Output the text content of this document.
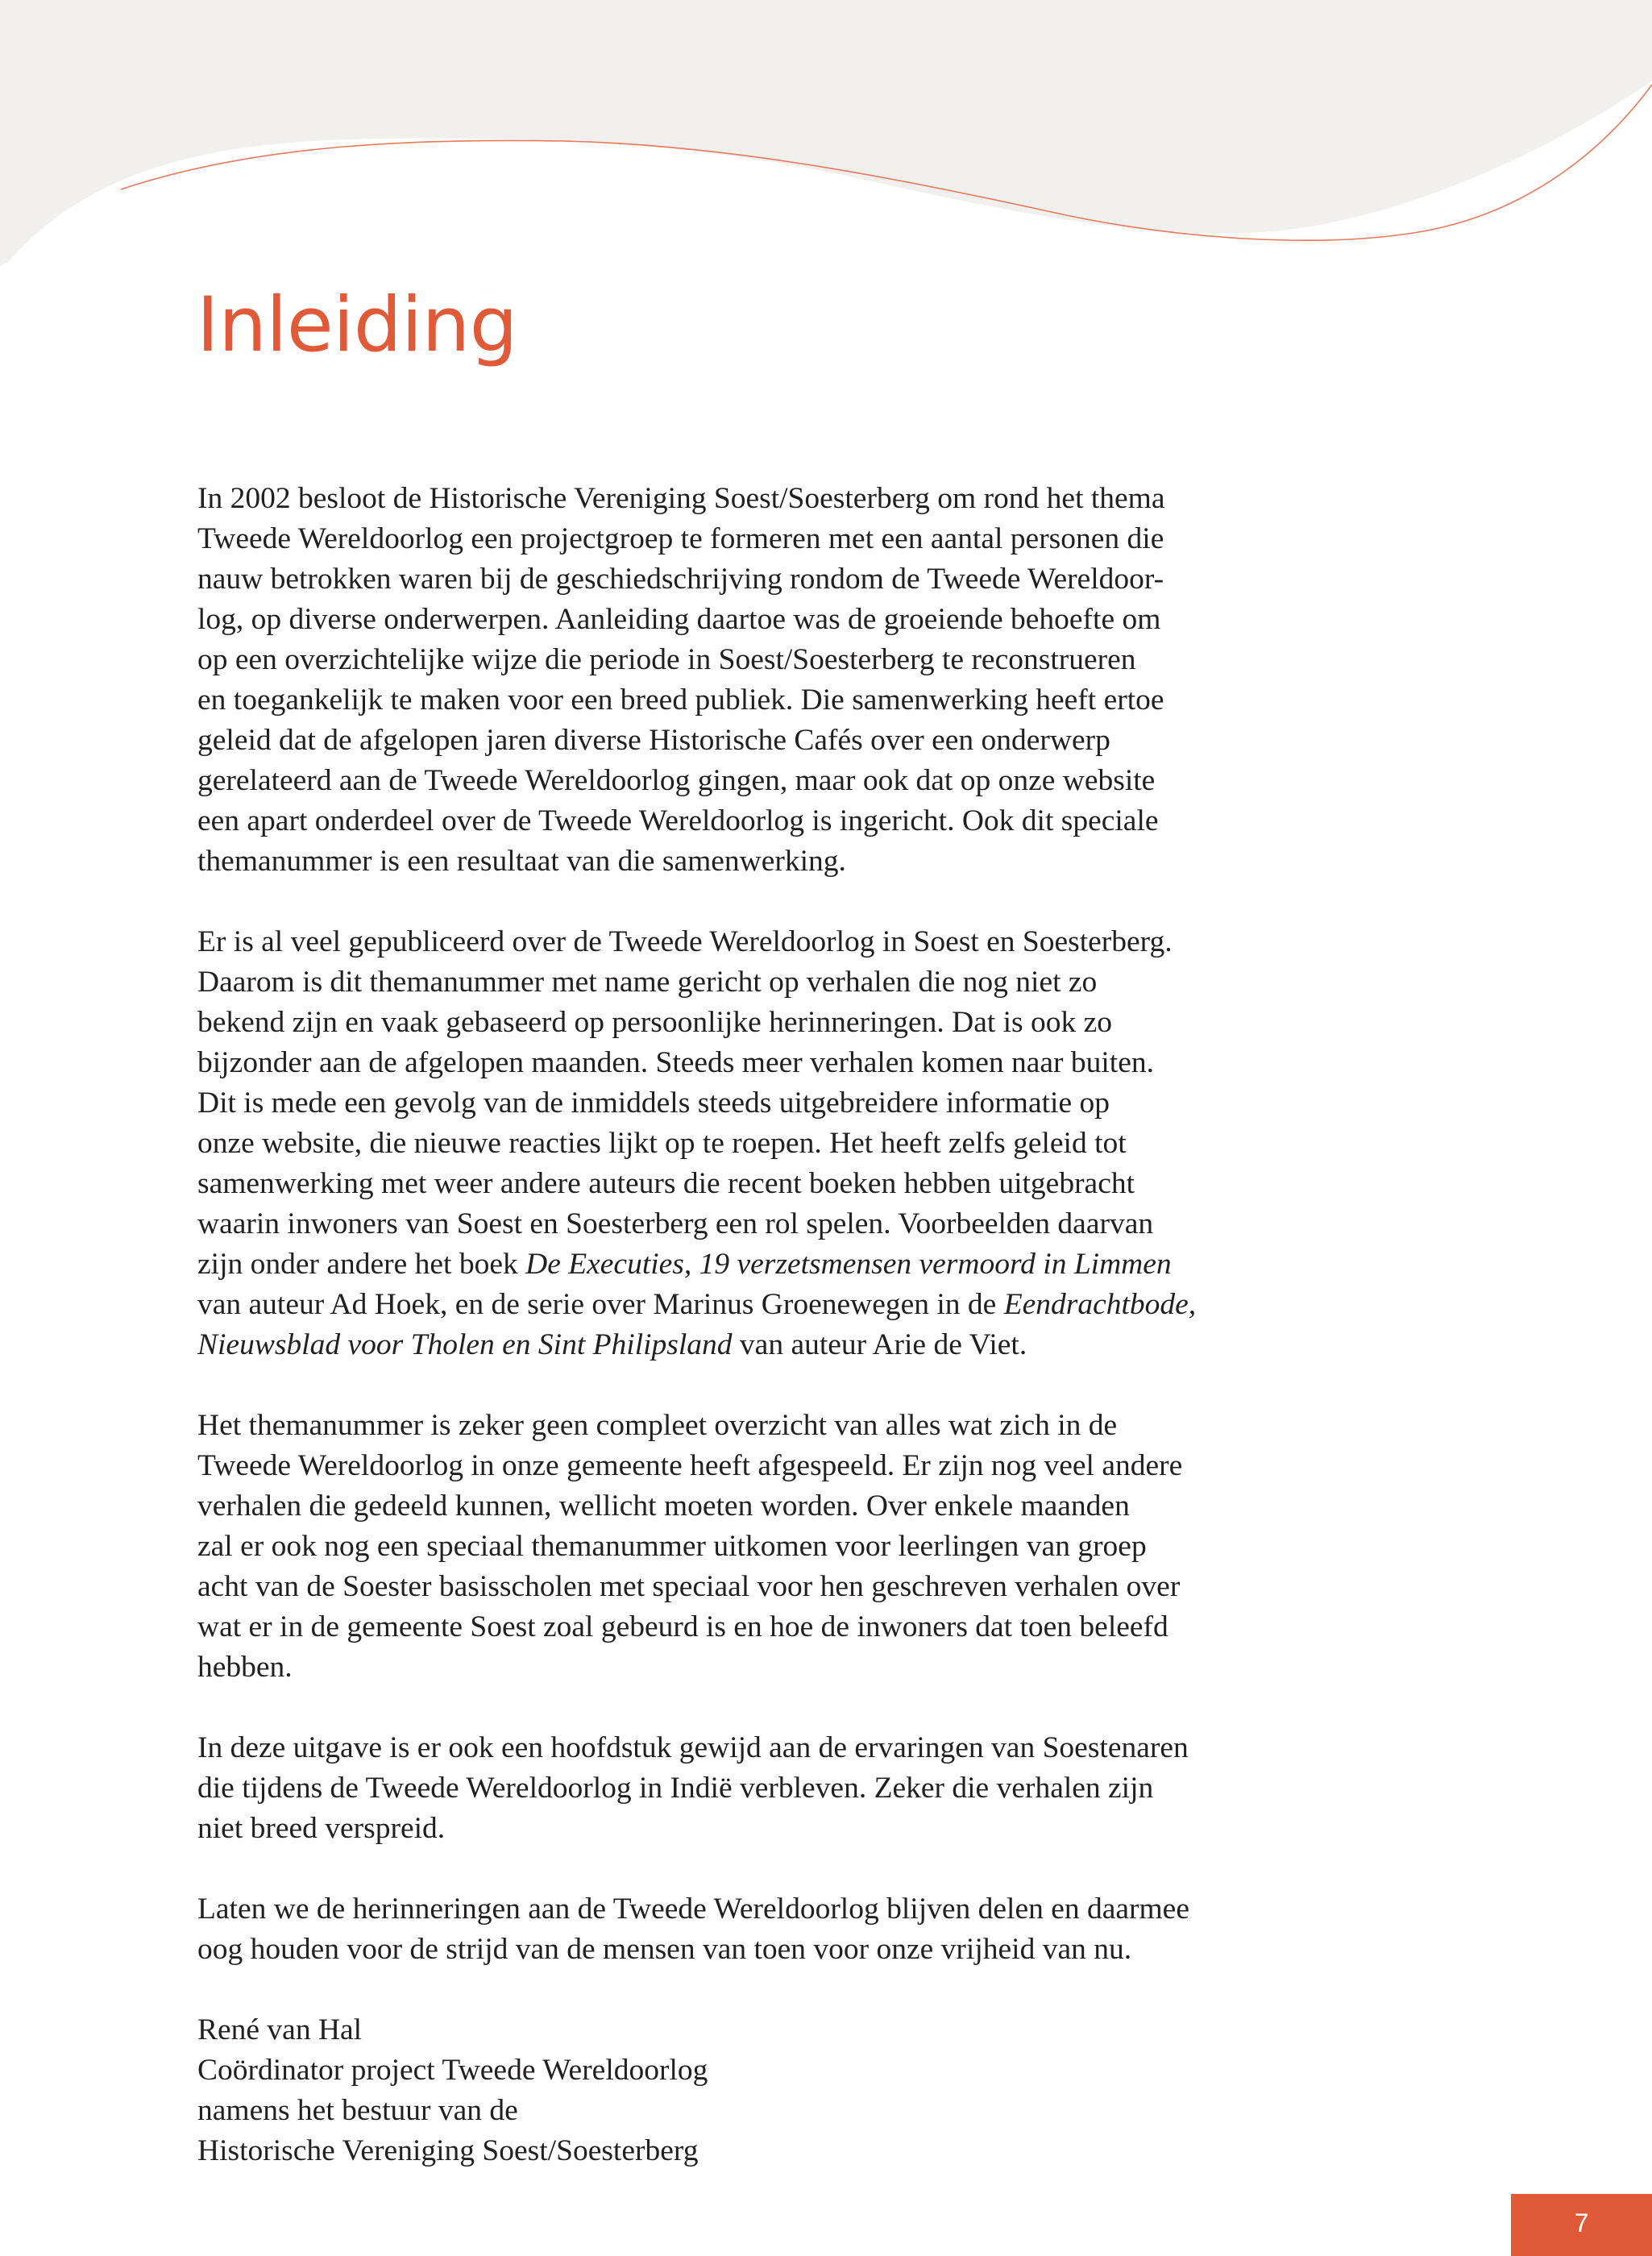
Inleiding

In 2002 besloot de Historische Vereniging Soest/Soesterberg om rond het thema
Tweede Wereldoorlog een projectgroep te formeren met een aantal personen die
nauw betrokken waren bij de geschiedschrijving rondom de Tweede Wereldoor-
log, op diverse onderwerpen. Aanleiding daartoe was de groeiende behoefte om
op een overzichtelijke wijze die periode in Soest/Soesterberg te reconstrueren
en toegankelijk te maken voor een breed publiek. Die samenwerking heeft ertoe
geleid dat de afgelopen jaren diverse Historische Cafés over een onderwerp
gerelateerd aan de Tweede Wereldoorlog gingen, maar ook dat op onze website
een apart onderdeel over de Tweede Wereldoorlog is ingericht. Ook dit speciale
themanummer is een resultaat van die samenwerking.

Er is al veel gepubliceerd over de Tweede Wereldoorlog in Soest en Soesterberg.
Daarom is dit themanummer met name gericht op verhalen die nog niet zo
bekend zijn en vaak gebaseerd op persoonlijke herinneringen. Dat is ook zo
bijzonder aan de afgelopen maanden. Steeds meer verhalen komen naar buiten.
Dit is mede een gevolg van de inmiddels steeds uitgebreidere informatie op
onze website, die nieuwe reacties lijkt op te roepen. Het heeft zelfs geleid tot
samenwerking met weer andere auteurs die recent boeken hebben uitgebracht
waarin inwoners van Soest en Soesterberg een rol spelen. Voorbeelden daarvan
zijn onder andere het boek De Executies, 19 verzetsmensen vermoord in Limmen
van auteur Ad Hoek, en de serie over Marinus Groenewegen in de Eendrachtbode,
Nieuwsblad voor Tholen en Sint Philipsland van auteur Arie de Viet.

Het themanummer is zeker geen compleet overzicht van alles wat zich in de
Tweede Wereldoorlog in onze gemeente heeft afgespeeld. Er zijn nog veel andere
verhalen die gedeeld kunnen, wellicht moeten worden. Over enkele maanden
zal er ook nog een speciaal themanummer uitkomen voor leerlingen van groep
acht van de Soester basisscholen met speciaal voor hen geschreven verhalen over
wat er in de gemeente Soest zoal gebeurd is en hoe de inwoners dat toen beleefd
hebben.

In deze uitgave is er ook een hoofdstuk gewijd aan de ervaringen van Soestenaren
die tijdens de Tweede Wereldoorlog in Indië verbleven. Zeker die verhalen zijn
niet breed verspreid.

Laten we de herinneringen aan de Tweede Wereldoorlog blijven delen en daarmee
oog houden voor de strijd van de mensen van toen voor onze vrijheid van nu.

René van Hal
Coördinator project Tweede Wereldoorlog
namens het bestuur van de
Historische Vereniging Soest/Soesterberg
7
